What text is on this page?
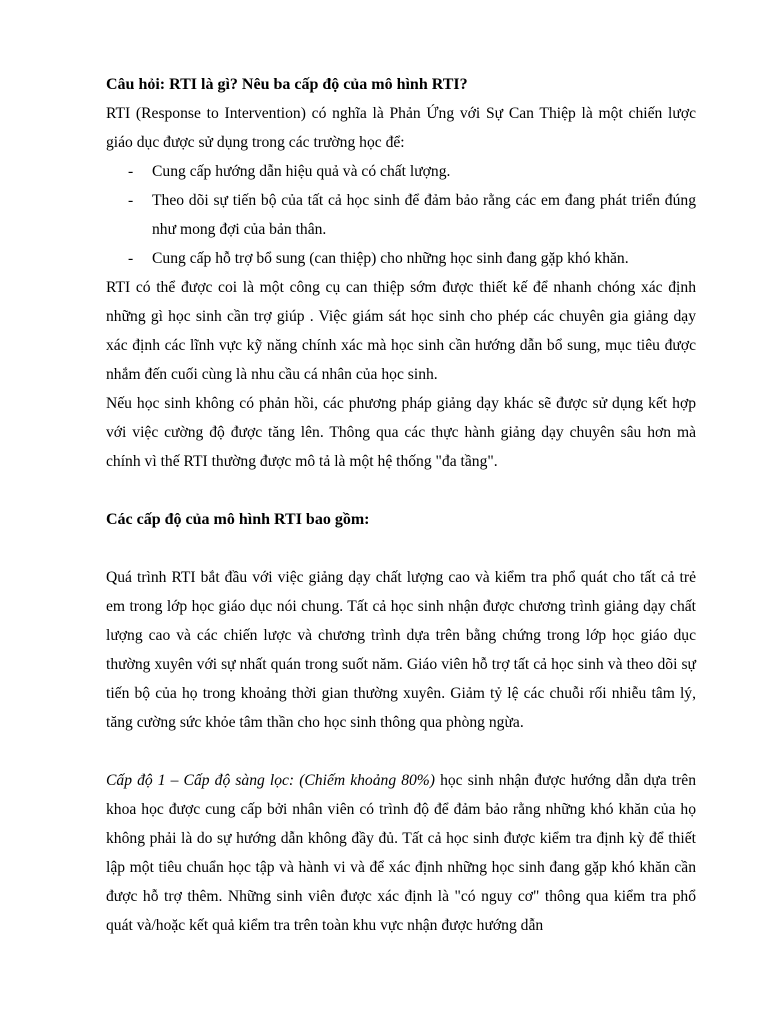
Câu hỏi: RTI là gì? Nêu ba cấp độ của mô hình RTI?

RTI (Response to Intervention) có nghĩa là Phản Ứng với Sự Can Thiệp là một chiến lược giáo dục được sử dụng trong các trường học để:

- Cung cấp hướng dẫn hiệu quả và có chất lượng.
- Theo dõi sự tiến bộ của tất cả học sinh để đảm bảo rằng các em đang phát triển đúng như mong đợi của bản thân.
- Cung cấp hỗ trợ bổ sung (can thiệp) cho những học sinh đang gặp khó khăn.

RTI có thể được coi là một công cụ can thiệp sớm được thiết kế để nhanh chóng xác định những gì học sinh cần trợ giúp . Việc giám sát học sinh cho phép các chuyên gia giảng dạy xác định các lĩnh vực kỹ năng chính xác mà học sinh cần hướng dẫn bổ sung, mục tiêu được nhắm đến cuối cùng là nhu cầu cá nhân của học sinh.

Nếu học sinh không có phản hồi, các phương pháp giảng dạy khác sẽ được sử dụng kết hợp với việc cường độ được tăng lên. Thông qua các thực hành giảng dạy chuyên sâu hơn mà chính vì thế RTI thường được mô tả là một hệ thống "đa tầng".

Các cấp độ của mô hình RTI bao gồm:

Quá trình RTI bắt đầu với việc giảng dạy chất lượng cao và kiểm tra phổ quát cho tất cả trẻ em trong lớp học giáo dục nói chung. Tất cả học sinh nhận được chương trình giảng dạy chất lượng cao và các chiến lược và chương trình dựa trên bằng chứng trong lớp học giáo dục thường xuyên với sự nhất quán trong suốt năm. Giáo viên hỗ trợ tất cả học sinh và theo dõi sự tiến bộ của họ trong khoảng thời gian thường xuyên. Giảm tỷ lệ các chuỗi rối nhiễu tâm lý, tăng cường sức khỏe tâm thần cho học sinh thông qua phòng ngừa.

Cấp độ 1 – Cấp độ sàng lọc: (Chiếm khoảng 80%) học sinh nhận được hướng dẫn dựa trên khoa học được cung cấp bởi nhân viên có trình độ để đảm bảo rằng những khó khăn của họ không phải là do sự hướng dẫn không đầy đủ. Tất cả học sinh được kiểm tra định kỳ để thiết lập một tiêu chuẩn học tập và hành vi và để xác định những học sinh đang gặp khó khăn cần được hỗ trợ thêm. Những sinh viên được xác định là "có nguy cơ" thông qua kiểm tra phổ quát và/hoặc kết quả kiểm tra trên toàn khu vực nhận được hướng dẫn
